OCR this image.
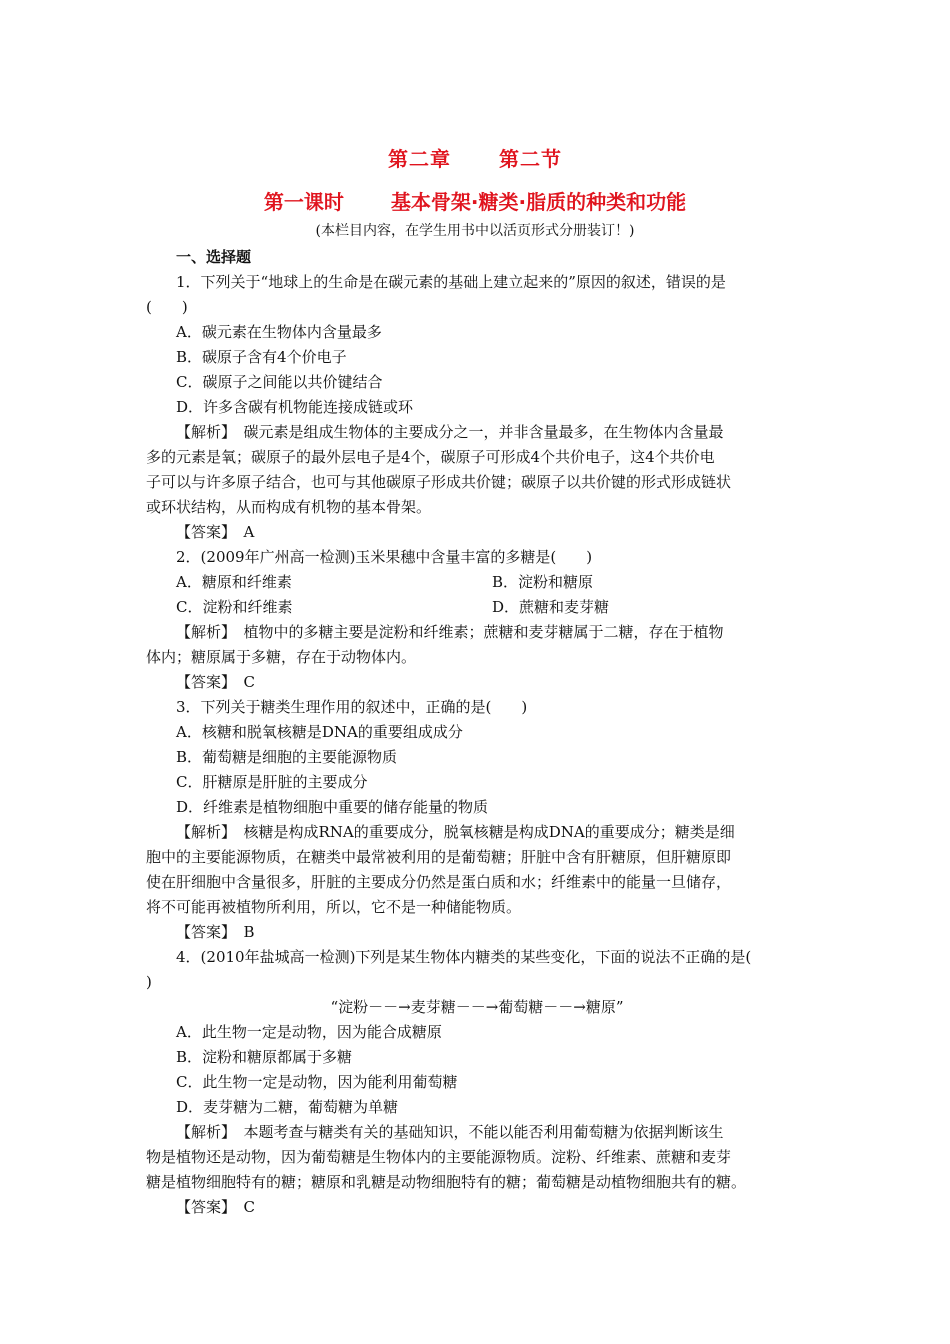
第二章 第二节
第一课时 基本骨架·糖类·脂质的种类和功能
(本栏目内容，在学生用书中以活页形式分册装订！)
一、选择题
1．下列关于“地球上的生命是在碳元素的基础上建立起来的”原因的叙述，错误的是
(　　)
A．碳元素在生物体内含量最多
B．碳原子含有4个价电子
C．碳原子之间能以共价键结合
D．许多含碳有机物能连接成链或环
【解析】　碳元素是组成生物体的主要成分之一，并非含量最多，在生物体内含量最
多的元素是氧；碳原子的最外层电子是4个，碳原子可形成4个共价电子，这4个共价电
子可以与许多原子结合，也可与其他碳原子形成共价键；碳原子以共价键的形式形成链状
或环状结构，从而构成有机物的基本骨架。
【答案】　A
2．(2009年广州高一检测)玉米果穗中含量丰富的多糖是(　　)
A．糖原和纤维素	B．淀粉和糖原
C．淀粉和纤维素	D．蔗糖和麦芽糖
【解析】　植物中的多糖主要是淀粉和纤维素；蔗糖和麦芽糖属于二糖，存在于植物
体内；糖原属于多糖，存在于动物体内。
【答案】　C
3．下列关于糖类生理作用的叙述中，正确的是(　　)
A．核糖和脱氧核糖是DNA的重要组成成分
B．葡萄糖是细胞的主要能源物质
C．肝糖原是肝脏的主要成分
D．纤维素是植物细胞中重要的储存能量的物质
【解析】　核糖是构成RNA的重要成分，脱氧核糖是构成DNA的重要成分；糖类是细
胞中的主要能源物质，在糖类中最常被利用的是葡萄糖；肝脏中含有肝糖原，但肝糖原即
使在肝细胞中含量很多，肝脏的主要成分仍然是蛋白质和水；纤维素中的能量一旦储存，
将不可能再被植物所利用，所以，它不是一种储能物质。
【答案】　B
4．(2010年盐城高一检测)下列是某生物体内糖类的某些变化，下面的说法不正确的是(
)
“淀粉－－→麦芽糖－－→葡萄糖－－→糖原”
A．此生物一定是动物，因为能合成糖原
B．淀粉和糖原都属于多糖
C．此生物一定是动物，因为能利用葡萄糖
D．麦芽糖为二糖，葡萄糖为单糖
【解析】　本题考查与糖类有关的基础知识，不能以能否利用葡萄糖为依据判断该生
物是植物还是动物，因为葡萄糖是生物体内的主要能源物质。淀粉、纤维素、蔗糖和麦芽
糖是植物细胞特有的糖；糖原和乳糖是动物细胞特有的糖；葡萄糖是动植物细胞共有的糖。
【答案】　C
